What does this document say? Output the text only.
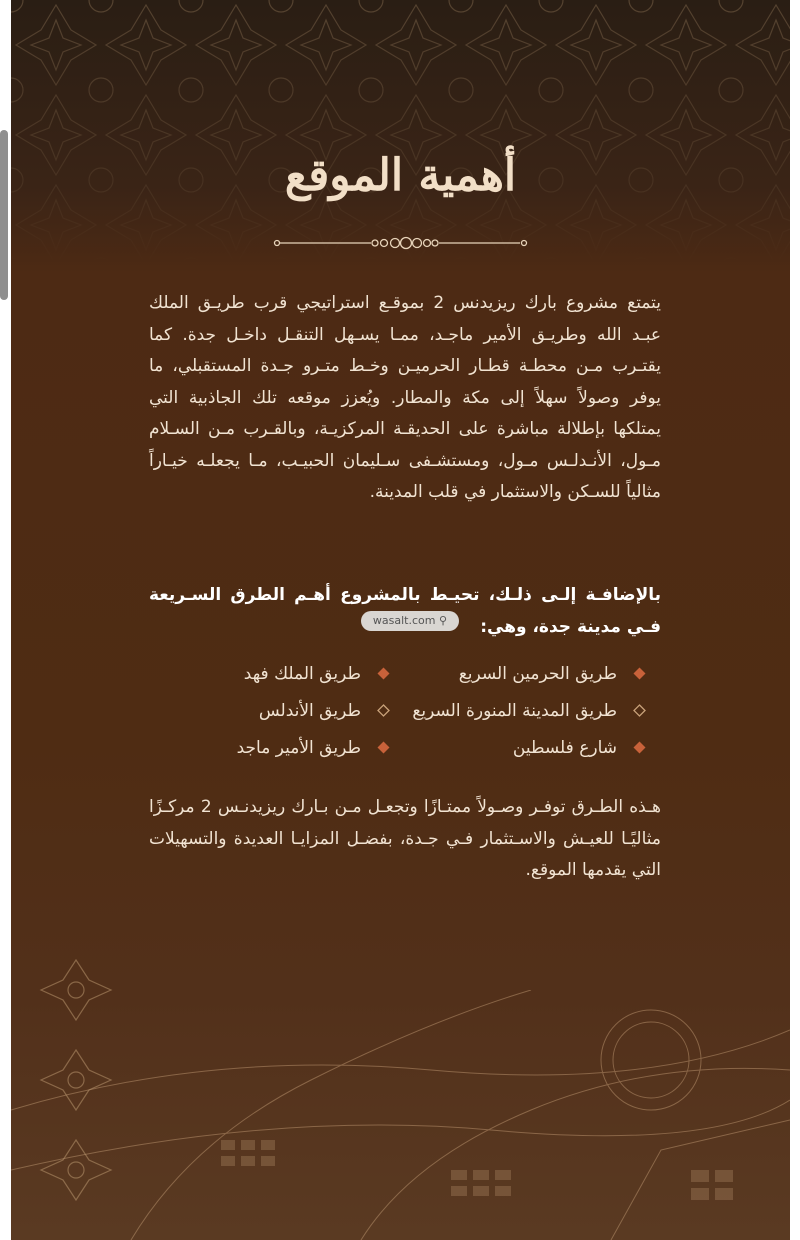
أهمية الموقع
يتمتع مشروع بارك ريزيدنس 2 بموقـع استراتيجي قرب طريـق الملك عبـد الله وطريـق الأمير ماجـد، ممـا يسـهل التنقـل داخـل جدة. كما يقتـرب مـن محطـة قطـار الحرميـن وخـط متـرو جـدة المستقبلي، ما يوفر وصولاً سهلاً إلى مكة والمطار. ويُعزز موقعه تلك الجاذبية التي يمتلكها بإطلالة مباشرة على الحديقـة المركزيـة، وبالقـرب مـن السـلام مـول، الأنـدلـس مـول، ومستشـفى سـليمان الحبيـب، مـا يجعلـه خيـاراً مثالياً للسـكن والاستثمار في قلب المدينة.
بالإضافـة إلـى ذلـك، تحيـط بالمشروع أهـم الطرق السـريعة فـي مدينة جدة، وهي:
wasalt.com ⚲
طريق الحرمين السريع
طريق الملك فهد
طريق المدينة المنورة السريع
طريق الأندلس
شارع فلسطين
طريق الأمير ماجد
هـذه الطـرق توفـر وصـولاً ممتـازًا وتجعـل مـن بـارك ريزيدنـس 2 مركـزًا مثاليًـا للعيـش والاسـتثمار فـي جـدة، بفضـل المزايـا العديدة والتسهيلات التي يقدمها الموقع.
